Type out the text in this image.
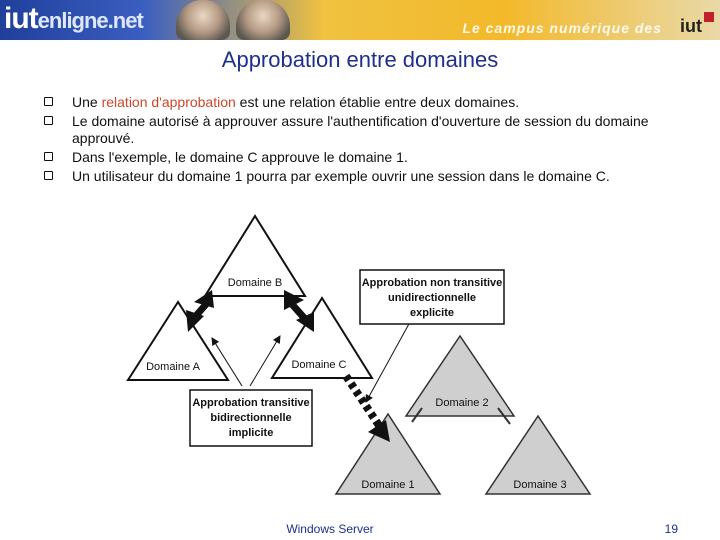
iutenligne.net	Le campus numérique des iut
Approbation entre domaines
Une relation d'approbation est une relation établie entre deux domaines.
Le domaine autorisé à approuver assure l'authentification d'ouverture de session du domaine approuvé.
Dans l'exemple, le domaine C approuve le domaine 1.
Un utilisateur du domaine 1 pourra par exemple ouvrir une session dans le domaine C.
Domaine B
Domaine A	Domaine C
Domaine 2
Domaine 1	Domaine 3
Approbation transitive
bidirectionnelle
implicite
Approbation non transitive
unidirectionnelle
explicite
Windows Server	19
